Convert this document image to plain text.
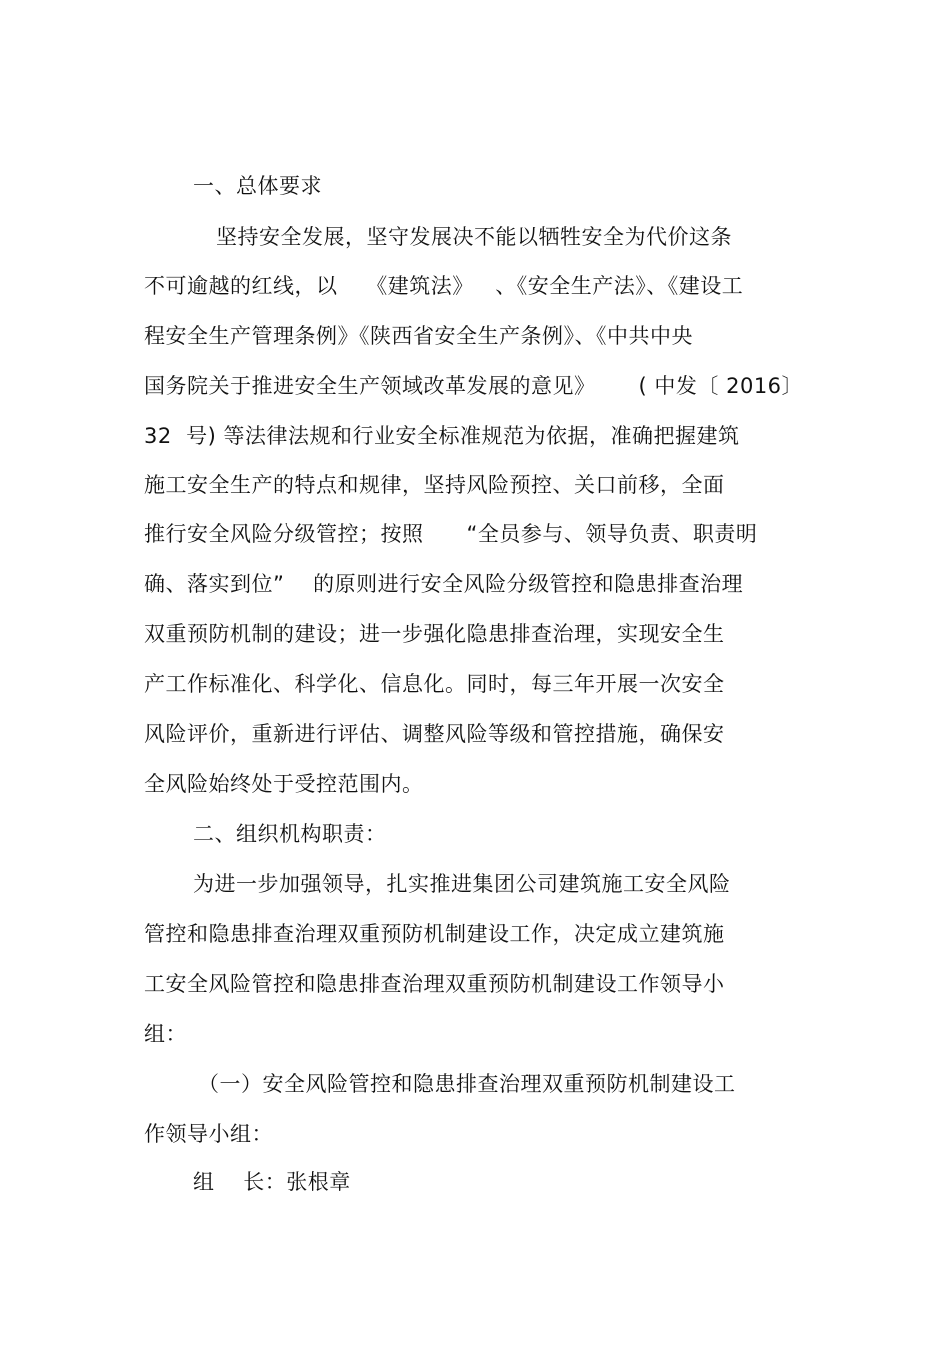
一、总体要求
坚持安全发展，坚守发展决不能以牺牲安全为代价这条
不可逾越的红线，以    《建筑法》   、《安全生产法》、《建设工
程安全生产管理条例》《陕西省安全生产条例》、《中共中央
国务院关于推进安全生产领域改革发展的意见》      ( 中发〔 2016〕
32  号) 等法律法规和行业安全标准规范为依据，准确把握建筑
施工安全生产的特点和规律，坚持风险预控、关口前移，全面
推行安全风险分级管控；按照      “全员参与、领导负责、职责明
确、落实到位”    的原则进行安全风险分级管控和隐患排查治理
双重预防机制的建设；进一步强化隐患排查治理，实现安全生
产工作标准化、科学化、信息化。同时，每三年开展一次安全
风险评价，重新进行评估、调整风险等级和管控措施，确保安
全风险始终处于受控范围内。
二、组织机构职责：
为进一步加强领导，扎实推进集团公司建筑施工安全风险
管控和隐患排查治理双重预防机制建设工作，决定成立建筑施
工安全风险管控和隐患排查治理双重预防机制建设工作领导小
组：
（一）安全风险管控和隐患排查治理双重预防机制建设工
作领导小组：
组    长：张根章
